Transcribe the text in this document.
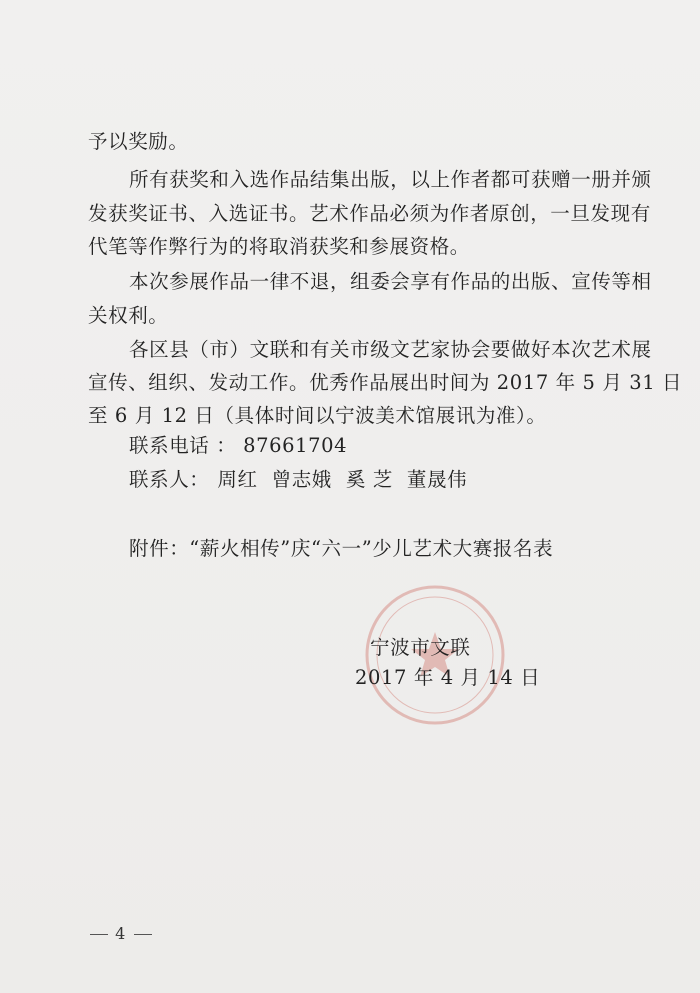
予以奖励。
所有获奖和入选作品结集出版，以上作者都可获赠一册并颁
发获奖证书、入选证书。艺术作品必须为作者原创，一旦发现有
代笔等作弊行为的将取消获奖和参展资格。
本次参展作品一律不退，组委会享有作品的出版、宣传等相
关权利。
各区县（市）文联和有关市级文艺家协会要做好本次艺术展
宣传、组织、发动工作。优秀作品展出时间为 2017 年 5 月 31 日
至 6 月 12 日（具体时间以宁波美术馆展讯为准）。
联系电话 ： 87661704
联系人： 周红 曾志娥 奚 芝 董晟伟
附件：“薪火相传”庆“六一”少儿艺术大赛报名表
宁波市文联
2017 年 4 月 14 日
4
